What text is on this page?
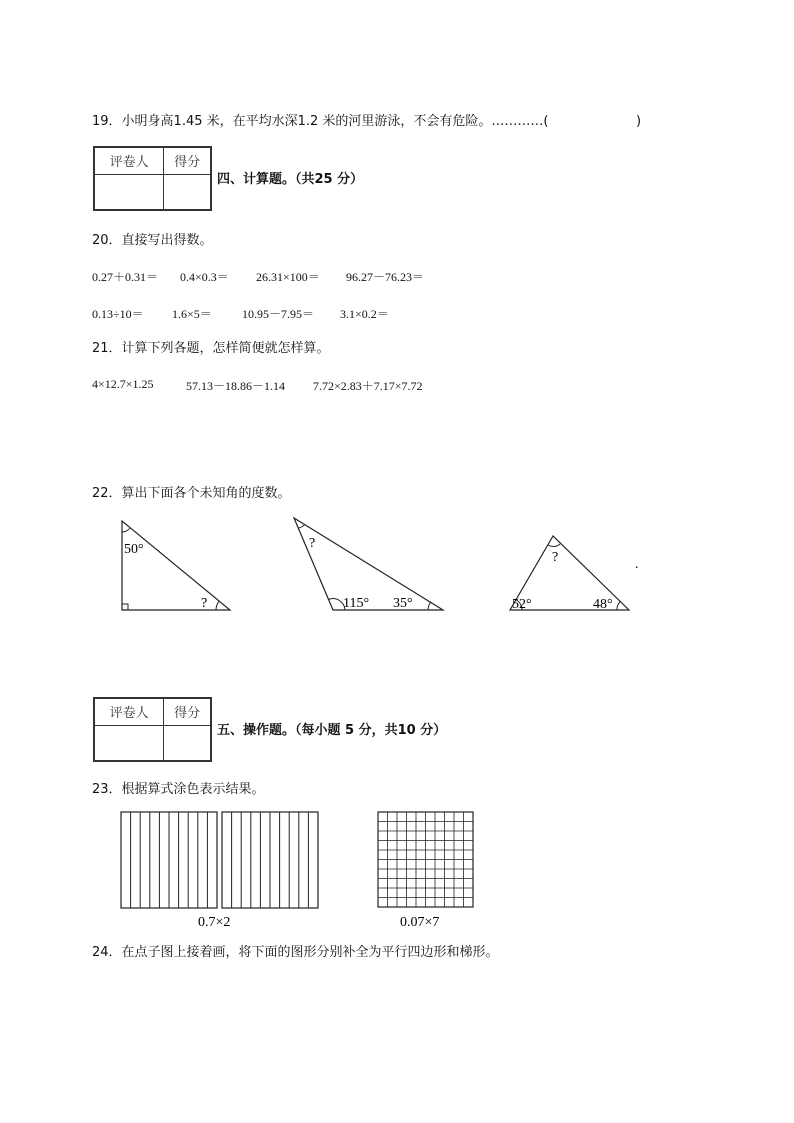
19．小明身高1.45 米，在平均水深1.2 米的河里游泳，不会有危险。…………(	)
评卷人	得分

四、计算题。（共25 分）
20．直接写出得数。
0.27＋0.31＝ 0.4×0.3＝ 26.31×100＝ 96.27－76.23＝
0.13÷10＝ 1.6×5＝	10.95－7.95＝ 3.1×0.2＝
21．计算下列各题，怎样简便就怎样算。
4×12.7×1.25	57.13－18.86－1.14 7.72×2.83＋7.17×7.72
22．算出下面各个未知角的度数。
50°
?
?
115° 35°
?
52°	48°
.
评卷人	得分

五、操作题。（每小题 5 分，共10 分）
23．根据算式涂色表示结果。
0.7×2	0.07×7
24．在点子图上接着画，将下面的图形分别补全为平行四边形和梯形。
